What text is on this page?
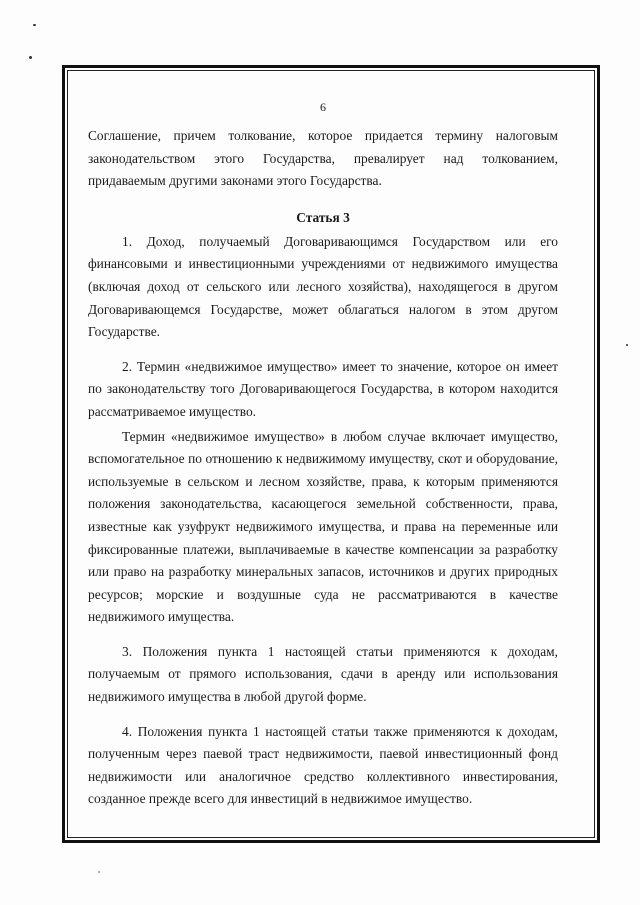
6

Соглашение, причем толкование, которое придается термину налоговым законодательством этого Государства, превалирует над толкованием, придаваемым другими законами этого Государства.

Статья 3

1. Доход, получаемый Договаривающимся Государством или его финансовыми и инвестиционными учреждениями от недвижимого имущества (включая доход от сельского или лесного хозяйства), находящегося в другом Договаривающемся Государстве, может облагаться налогом в этом другом Государстве.

2. Термин «недвижимое имущество» имеет то значение, которое он имеет по законодательству того Договаривающегося Государства, в котором находится рассматриваемое имущество.

Термин «недвижимое имущество» в любом случае включает имущество, вспомогательное по отношению к недвижимому имуществу, скот и оборудование, используемые в сельском и лесном хозяйстве, права, к которым применяются положения законодательства, касающегося земельной собственности, права, известные как узуфрукт недвижимого имущества, и права на переменные или фиксированные платежи, выплачиваемые в качестве компенсации за разработку или право на разработку минеральных запасов, источников и других природных ресурсов; морские и воздушные суда не рассматриваются в качестве недвижимого имущества.

3. Положения пункта 1 настоящей статьи применяются к доходам, получаемым от прямого использования, сдачи в аренду или использования недвижимого имущества в любой другой форме.

4. Положения пункта 1 настоящей статьи также применяются к доходам, полученным через паевой траст недвижимости, паевой инвестиционный фонд недвижимости или аналогичное средство коллективного инвестирования, созданное прежде всего для инвестиций в недвижимое имущество.
